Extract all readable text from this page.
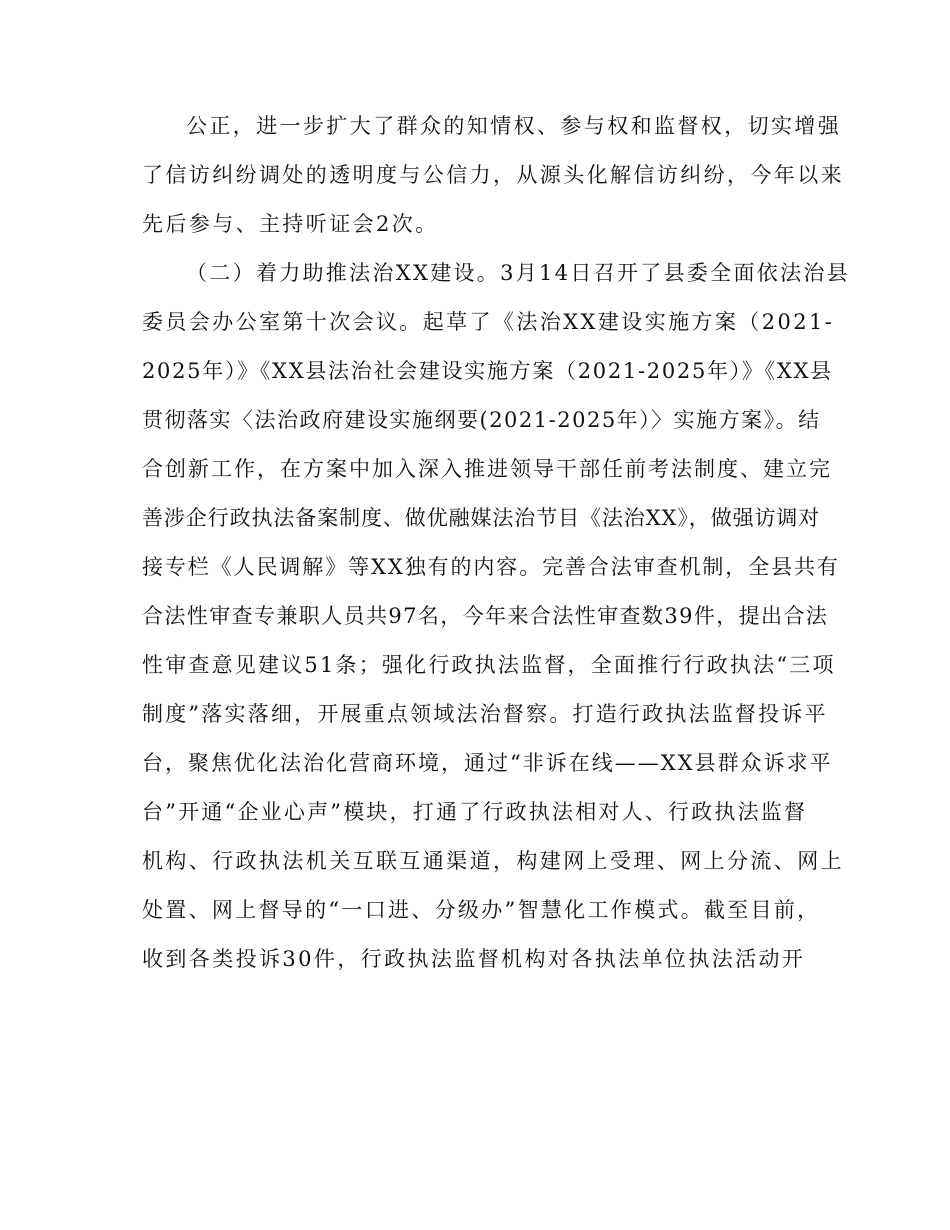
公正，进一步扩大了群众的知情权、参与权和监督权，切实增强
了信访纠纷调处的透明度与公信力，从源头化解信访纠纷，今年以来
先后参与、主持听证会2次。
（二）着力助推法治XX建设。3月14日召开了县委全面依法治县
委员会办公室第十次会议。起草了《法治XX建设实施方案（2021-
2025年）》《XX县法治社会建设实施方案（2021-2025年）》《XX县
贯彻落实〈法治政府建设实施纲要(2021-2025年）〉实施方案》。结
合创新工作，在方案中加入深入推进领导干部任前考法制度、建立完
善涉企行政执法备案制度、做优融媒法治节目《法治XX》，做强访调对
接专栏《人民调解》等XX独有的内容。完善合法审查机制，全县共有
合法性审查专兼职人员共97名，今年来合法性审查数39件，提出合法
性审查意见建议51条；强化行政执法监督，全面推行行政执法“三项
制度”落实落细，开展重点领域法治督察。打造行政执法监督投诉平
台，聚焦优化法治化营商环境，通过“非诉在线——XX县群众诉求平
台”开通“企业心声”模块，打通了行政执法相对人、行政执法监督
机构、行政执法机关互联互通渠道，构建网上受理、网上分流、网上
处置、网上督导的“一口进、分级办”智慧化工作模式。截至目前，
收到各类投诉30件，行政执法监督机构对各执法单位执法活动开
